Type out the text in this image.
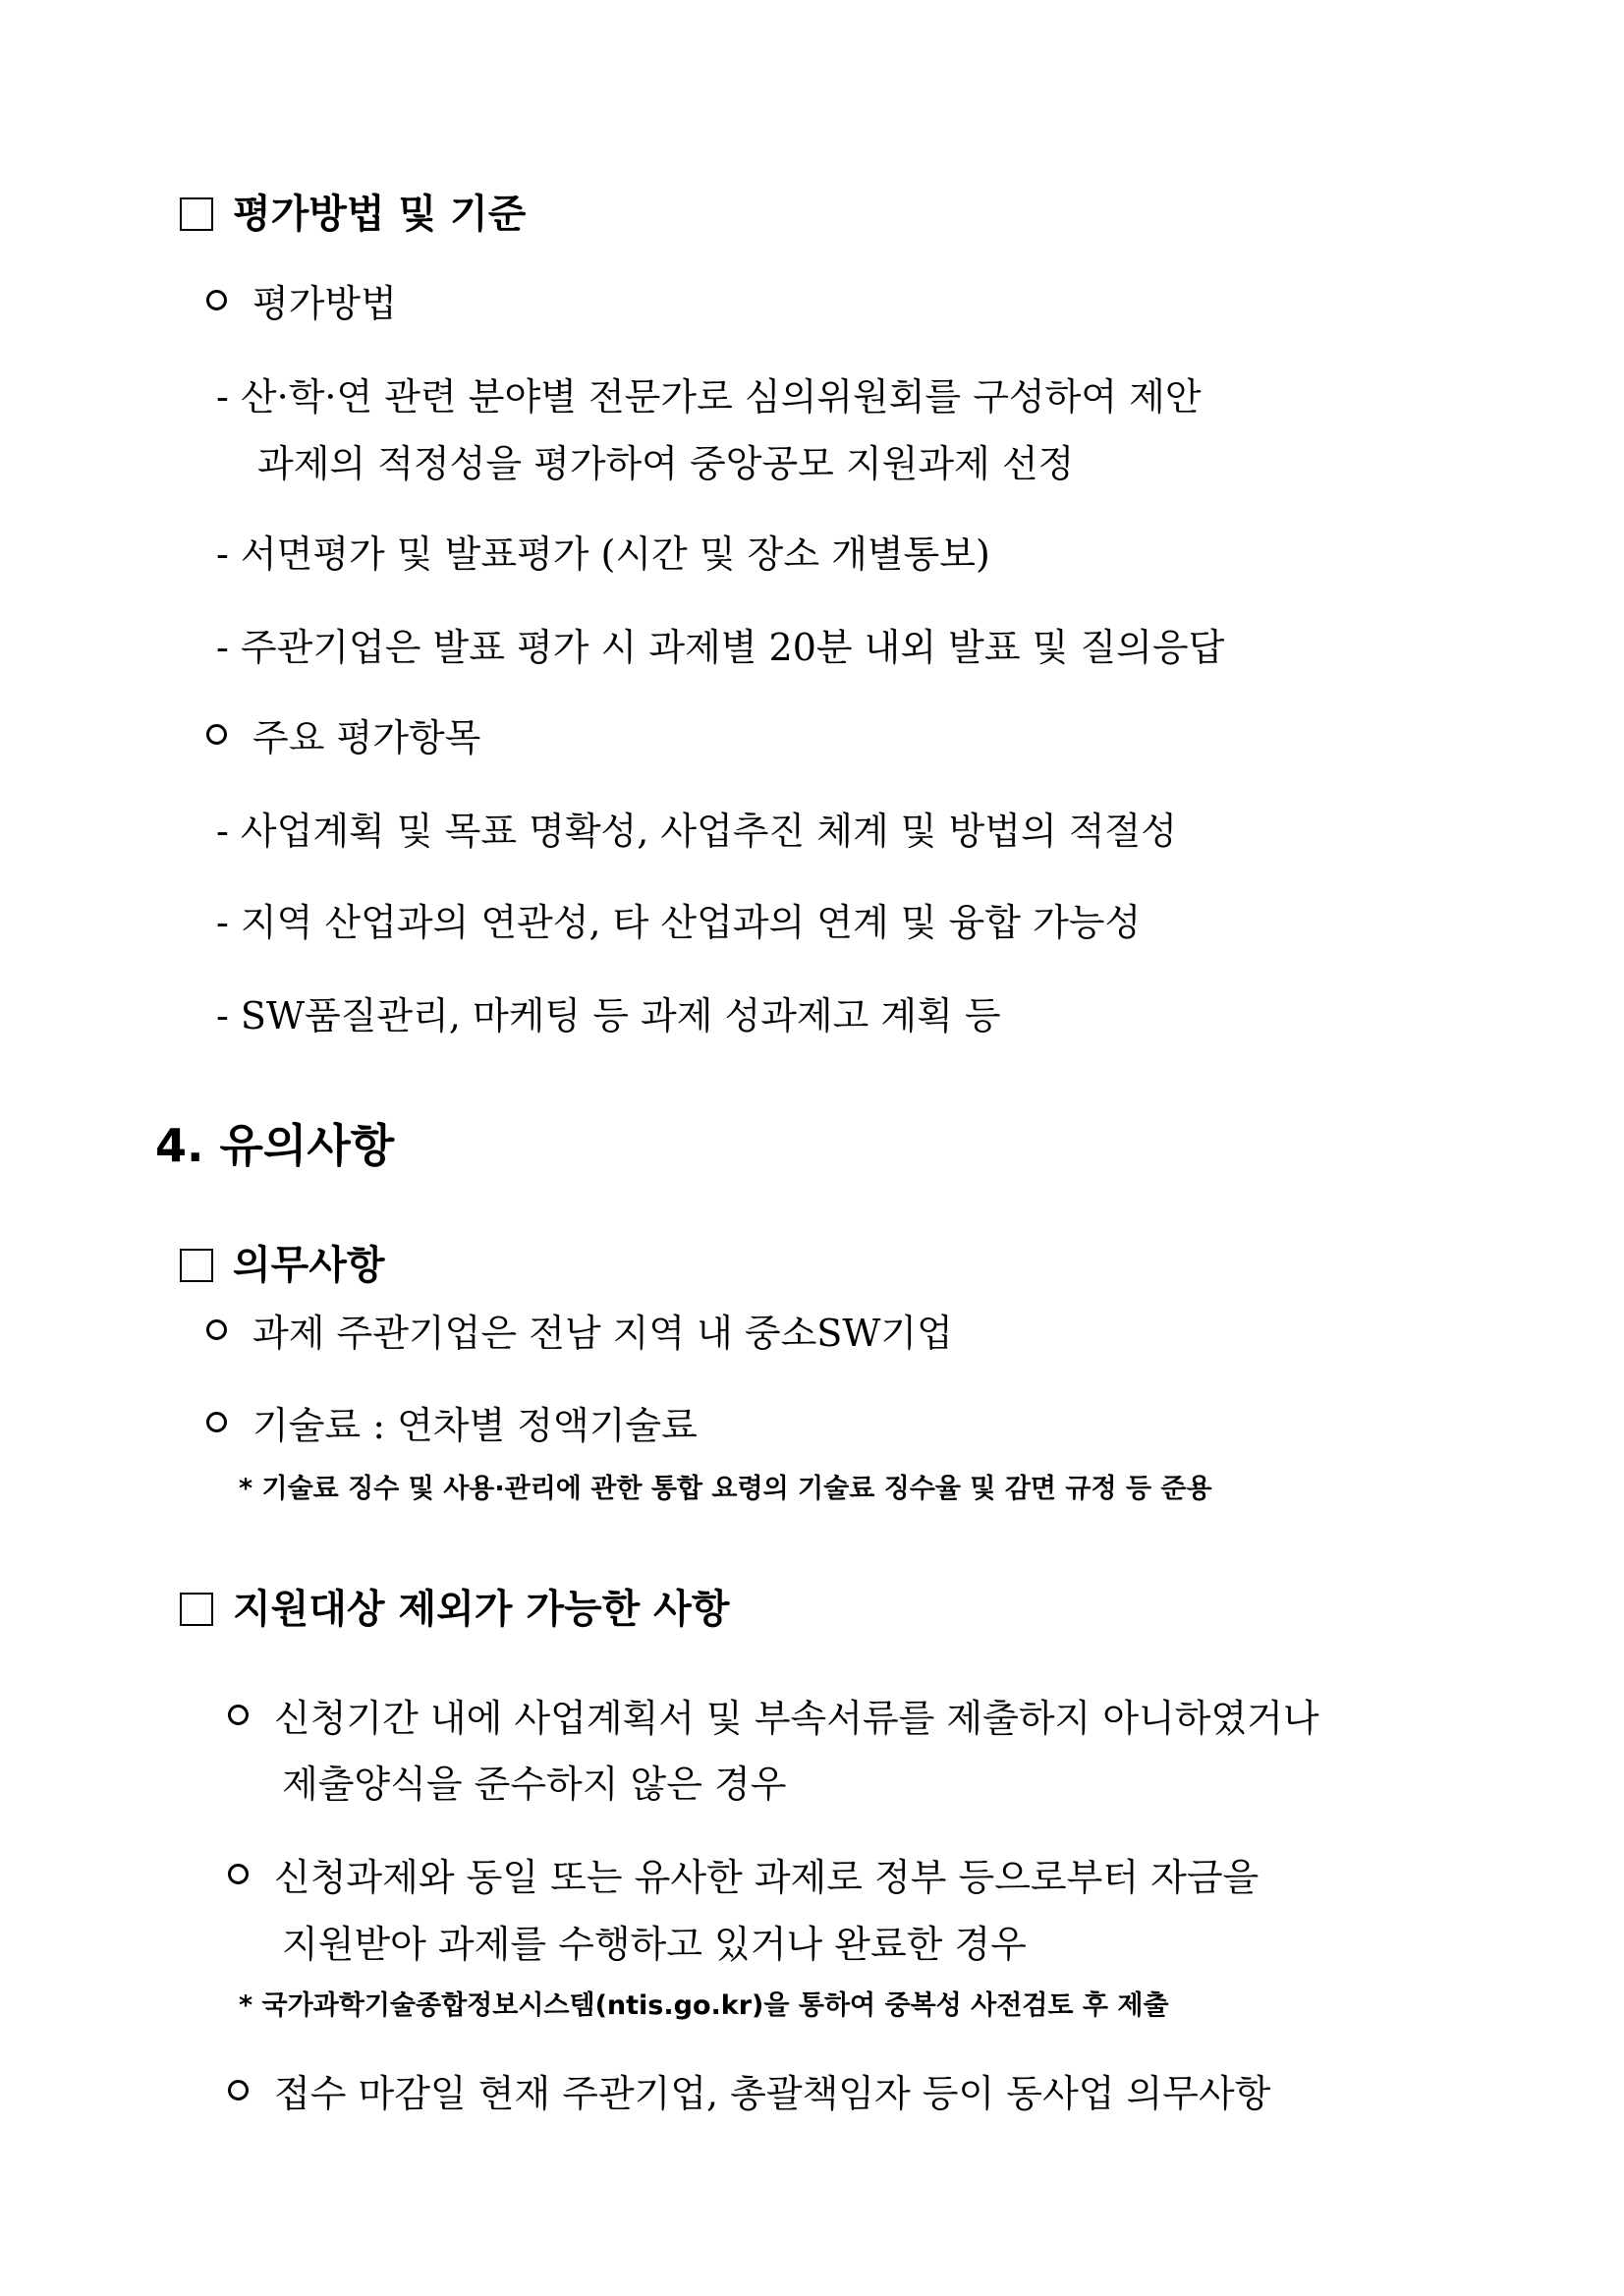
평가방법 및 기준
평가방법
- 산·학·연 관련 분야별 전문가로 심의위원회를 구성하여 제안
과제의 적정성을 평가하여 중앙공모 지원과제 선정
- 서면평가 및 발표평가 (시간 및 장소 개별통보)
- 주관기업은 발표 평가 시 과제별 20분 내외 발표 및 질의응답
주요 평가항목
- 사업계획 및 목표 명확성, 사업추진 체계 및 방법의 적절성
- 지역 산업과의 연관성, 타 산업과의 연계 및 융합 가능성
- SW품질관리, 마케팅 등 과제 성과제고 계획 등
4. 유의사항
의무사항
과제 주관기업은 전남 지역 내 중소SW기업
기술료 : 연차별 정액기술료
* 기술료 징수 및 사용·관리에 관한 통합 요령의 기술료 징수율 및 감면 규정 등 준용
지원대상 제외가 가능한 사항
신청기간 내에 사업계획서 및 부속서류를 제출하지 아니하였거나
제출양식을 준수하지 않은 경우
신청과제와 동일 또는 유사한 과제로 정부 등으로부터 자금을
지원받아 과제를 수행하고 있거나 완료한 경우
* 국가과학기술종합정보시스템(ntis.go.kr)을 통하여 중복성 사전검토 후 제출
접수 마감일 현재 주관기업, 총괄책임자 등이 동사업 의무사항
